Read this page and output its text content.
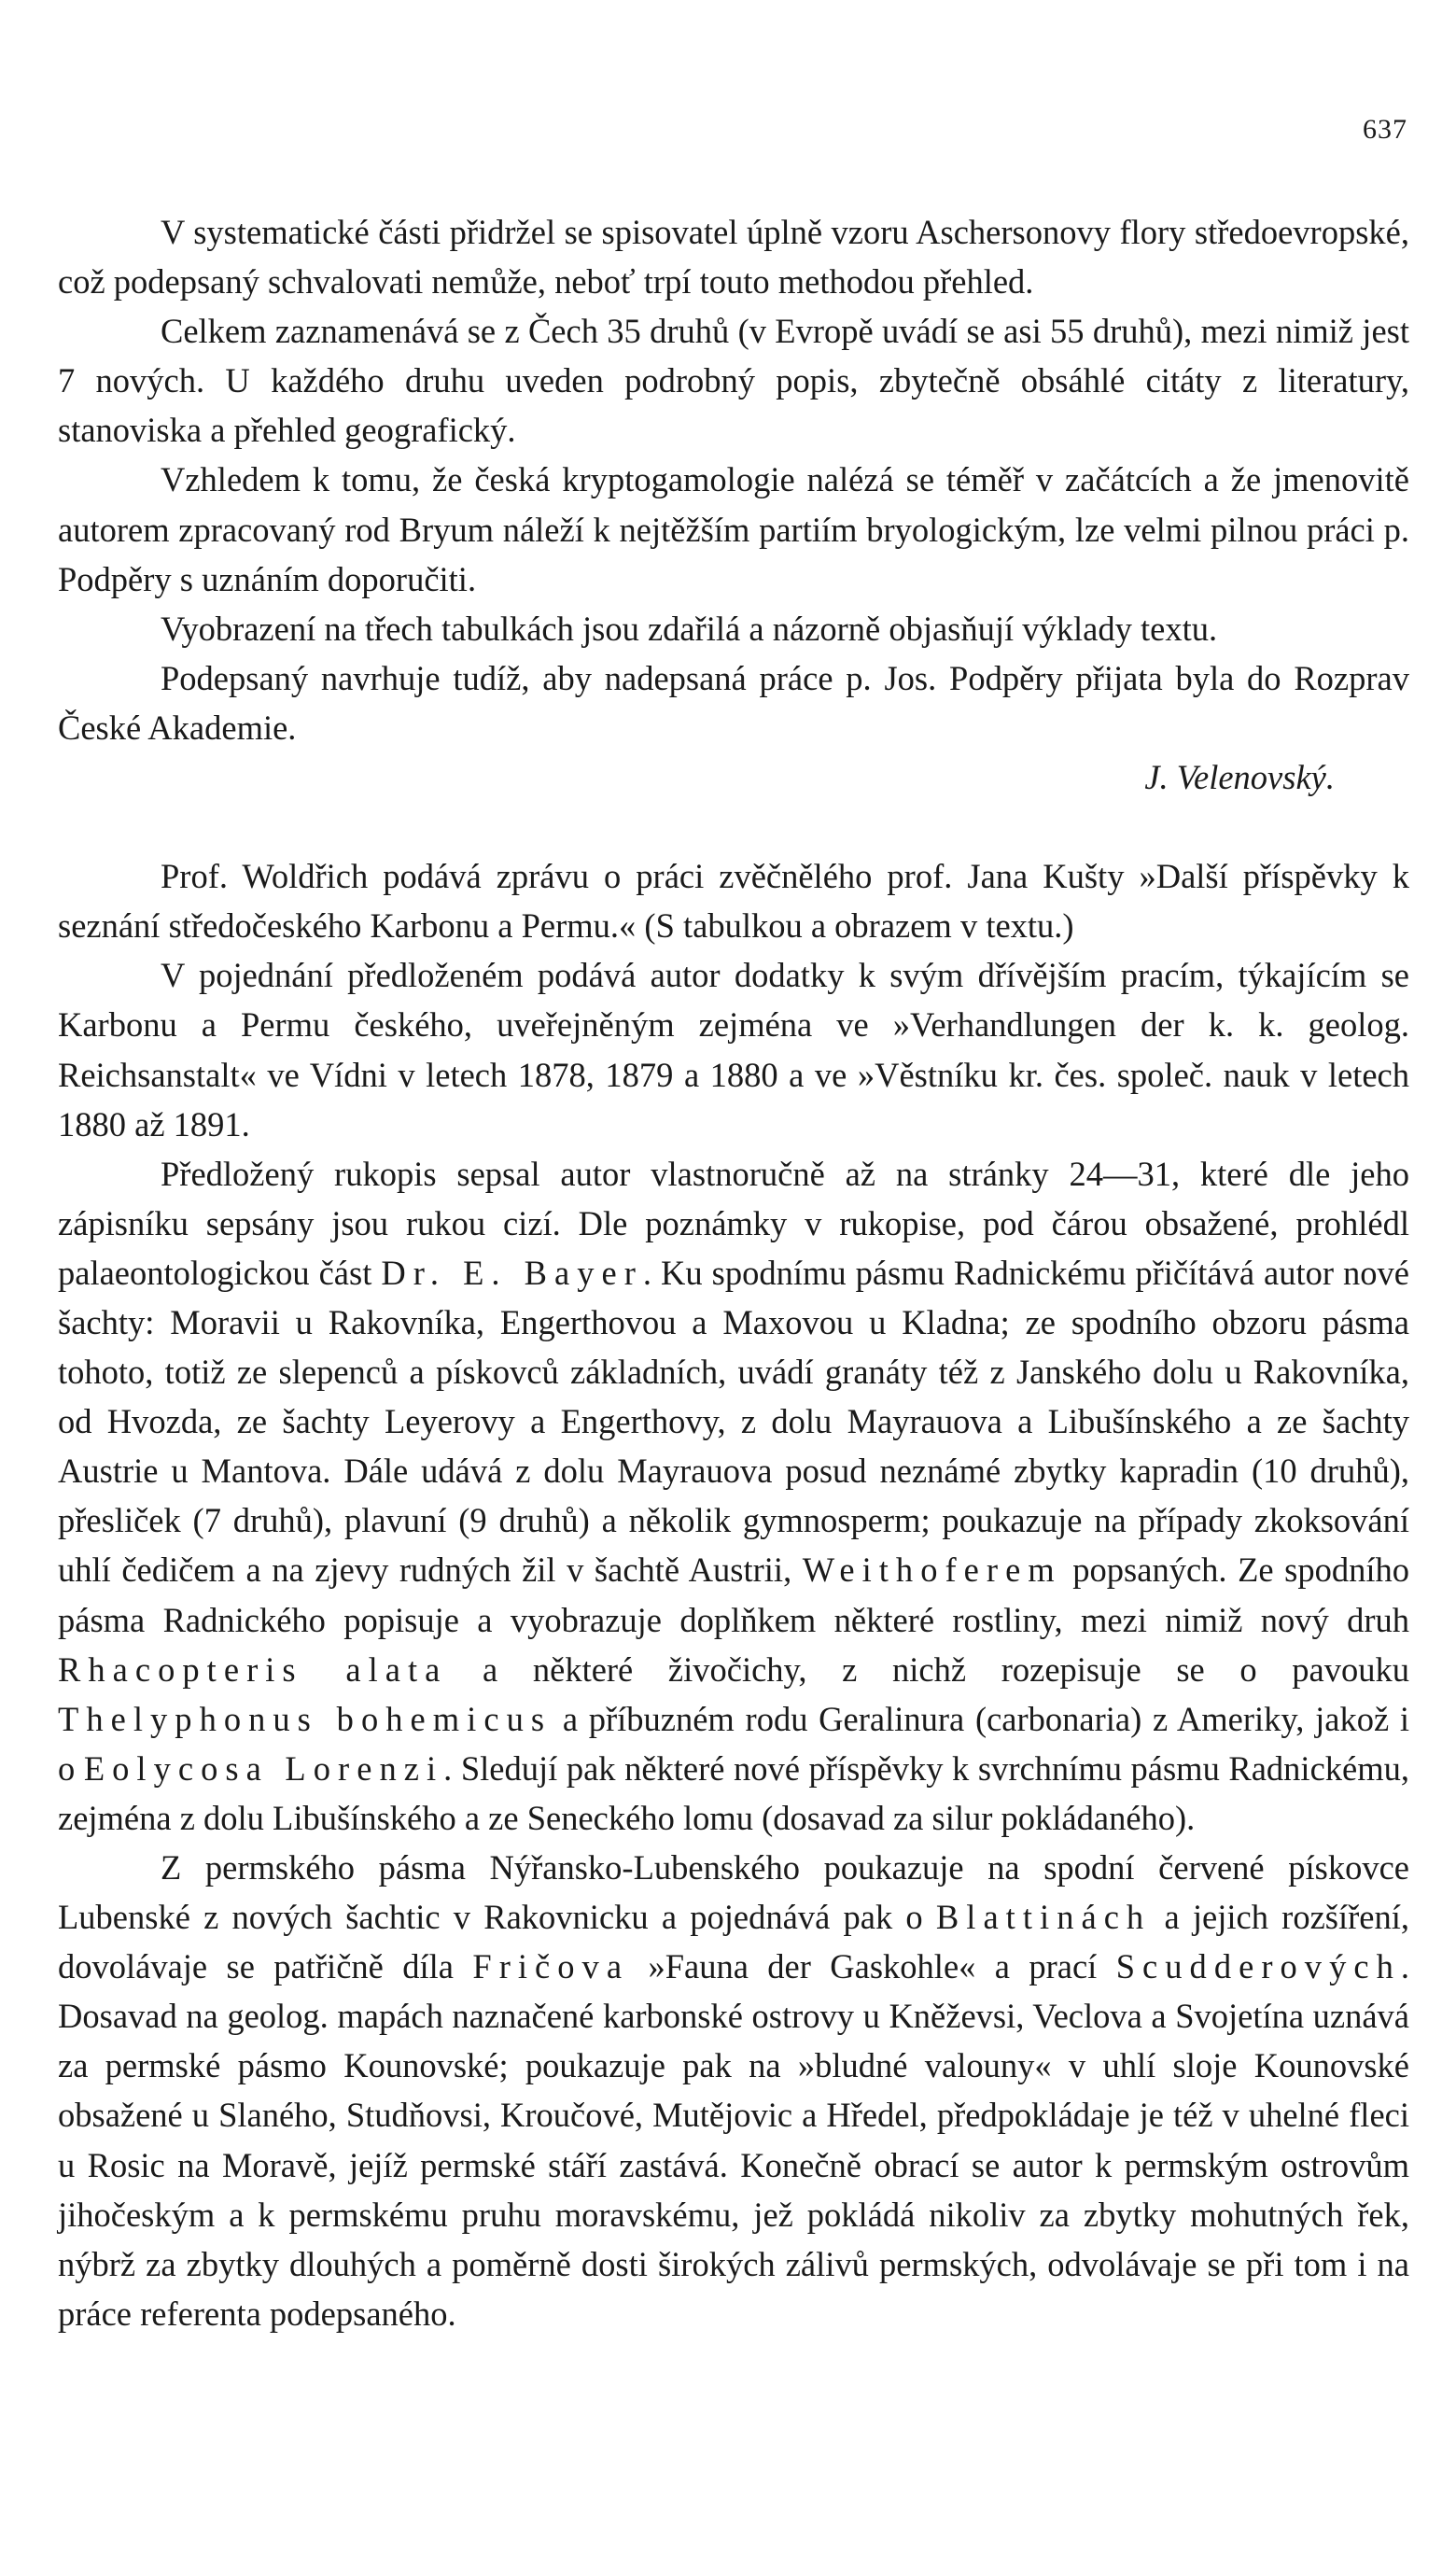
637

V systematické části přidržel se spisovatel úplně vzoru Aschersonovy flory středoevropské, což podepsaný schvalovati nemůže, neboť trpí touto methodou přehled.

Celkem zaznamenává se z Čech 35 druhů (v Evropě uvádí se asi 55 druhů), mezi nimiž jest 7 nových. U každého druhu uveden podrobný popis, zbytečně obsáhlé citáty z literatury, stanoviska a přehled geografický.

Vzhledem k tomu, že česká kryptogamologie nalézá se téměř v začátcích a že jmenovitě autorem zpracovaný rod Bryum náleží k nejtěžším partiím bryologickým, lze velmi pilnou práci p. Podpěry s uznáním doporučiti.

Vyobrazení na třech tabulkách jsou zdařilá a názorně objasňují výklady textu.

Podepsaný navrhuje tudíž, aby nadepsaná práce p. Jos. Podpěry přijata byla do Rozprav České Akademie.

J. Velenovský.

Prof. Woldřich podává zprávu o práci zvěčnělého prof. Jana Kušty »Další příspěvky k seznání středočeského Karbonu a Permu.« (S tabulkou a obrazem v textu.)

V pojednání předloženém podává autor dodatky k svým dřívějším pracím, týkajícím se Karbonu a Permu českého, uveřejněným zejména ve »Verhandlungen der k. k. geolog. Reichsanstalt« ve Vídni v letech 1878, 1879 a 1880 a ve »Věstníku kr. čes. společ. nauk v letech 1880 až 1891.

Předložený rukopis sepsal autor vlastnoručně až na stránky 24—31, které dle jeho zápisníku sepsány jsou rukou cizí. Dle poznámky v rukopise, pod čárou obsažené, prohlédl palaeontologickou část Dr. E. Bayer. Ku spodnímu pásmu Radnickému přičítává autor nové šachty: Moravii u Rakovníka, Engerthovou a Maxovou u Kladna; ze spodního obzoru pásma tohoto, totiž ze slepenců a pískovců základních, uvádí granáty též z Janského dolu u Rakovníka, od Hvozda, ze šachty Leyerovy a Engerthovy, z dolu Mayrauova a Libušínského a ze šachty Austrie u Mantova. Dále udává z dolu Mayrauova posud neznámé zbytky kapradin (10 druhů), přesliček (7 druhů), plavuní (9 druhů) a několik gymnosperm; poukazuje na případy zkoksování uhlí čedičem a na zjevy rudných žil v šachtě Austrii, Weithoferem popsaných. Ze spodního pásma Radnického popisuje a vyobrazuje doplňkem některé rostliny, mezi nimiž nový druh Rhacopteris alata a některé živočichy, z nichž rozepisuje se o pavouku Thelyphonus bohemicus a příbuzném rodu Geralinura (carbonaria) z Ameriky, jakož i o Eolycosa Lorenzi. Sledují pak některé nové příspěvky k svrchnímu pásmu Radnickému, zejména z dolu Libušínského a ze Seneckého lomu (dosavad za silur pokládaného).

Z permského pásma Nýřansko-Lubenského poukazuje na spodní červené pískovce Lubenské z nových šachtic v Rakovnicku a pojednává pak o Blattinách a jejich rozšíření, dovolávaje se patřičně díla Fričova »Fauna der Gaskohle« a prací Scudderových. Dosavad na geolog. mapách naznačené karbonské ostrovy u Kněževsi, Veclova a Svojetína uznává za permské pásmo Kounovské; poukazuje pak na »bludné valouny« v uhlí sloje Kounovské obsažené u Slaného, Studňovsi, Kroučové, Mutějovic a Hředel, předpokládaje je též v uhelné fleci u Rosic na Moravě, jejíž permské stáří zastává. Konečně obrací se autor k permským ostrovům jihočeským a k permskému pruhu moravskému, jež pokládá nikoliv za zbytky mohutných řek, nýbrž za zbytky dlouhých a poměrně dosti širokých zálivů permských, odvolávaje se při tom i na práce referenta podepsaného.
